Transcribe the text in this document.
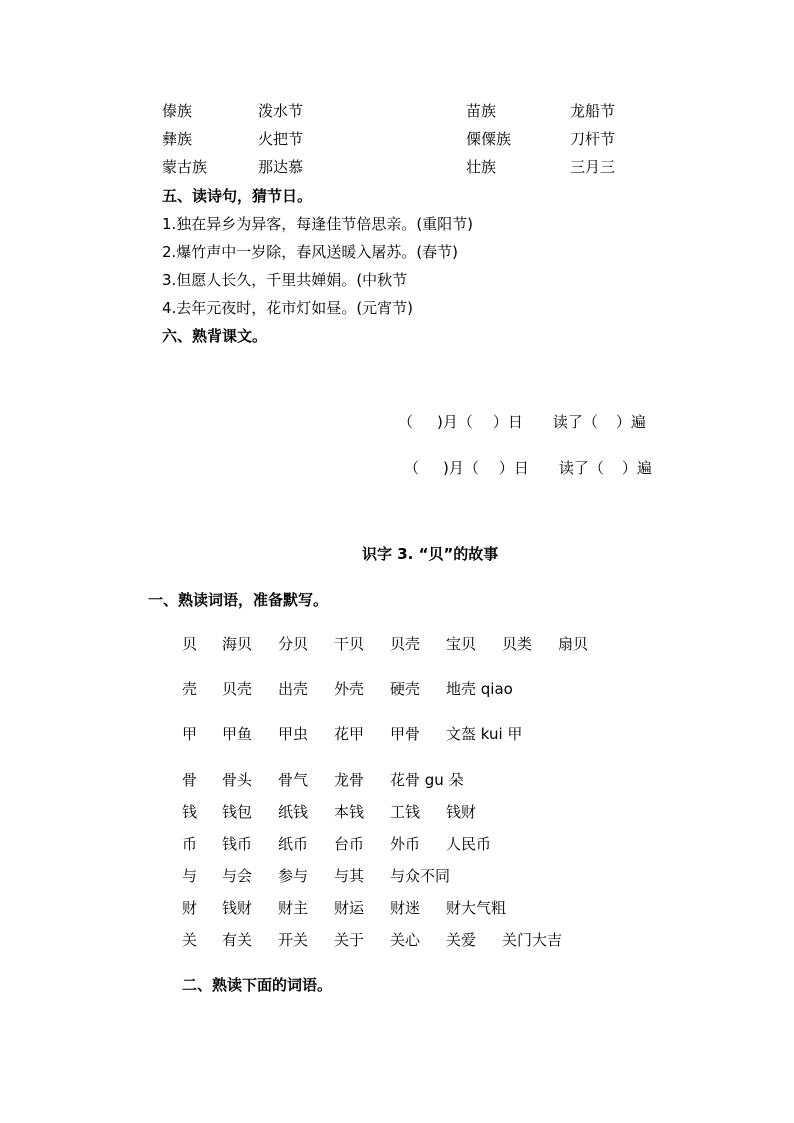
傣族	泼水节	苗族	龙船节
彝族	火把节	傈僳族	刀杆节
蒙古族	那达慕	壮族	三月三
五、读诗句，猜节日。
1.独在异乡为异客，每逢佳节倍思亲。(重阳节)
2.爆竹声中一岁除，春风送暖入屠苏。(春节)
3.但愿人长久，千里共婵娟。(中秋节
4.去年元夜时，花市灯如昼。(元宵节)
六、熟背课文。
（ )月（ ）日 读了（ ）遍
（ )月（ ）日 读了（ ）遍
识字 3. “贝”的故事
一、熟读词语，准备默写。
贝 海贝 分贝 干贝 贝壳 宝贝 贝类 扇贝
壳 贝壳 出壳 外壳 硬壳 地壳 qiao
甲 甲鱼 甲虫 花甲 甲骨 文盔 kui 甲
骨 骨头 骨气 龙骨 花骨 gu 朵
钱 钱包 纸钱 本钱 工钱 钱财
币 钱币 纸币 台币 外币 人民币
与 与会 参与 与其 与众不同
财 钱财 财主 财运 财迷 财大气粗
关 有关 开关 关于 关心 关爱 关门大吉
二、熟读下面的词语。
